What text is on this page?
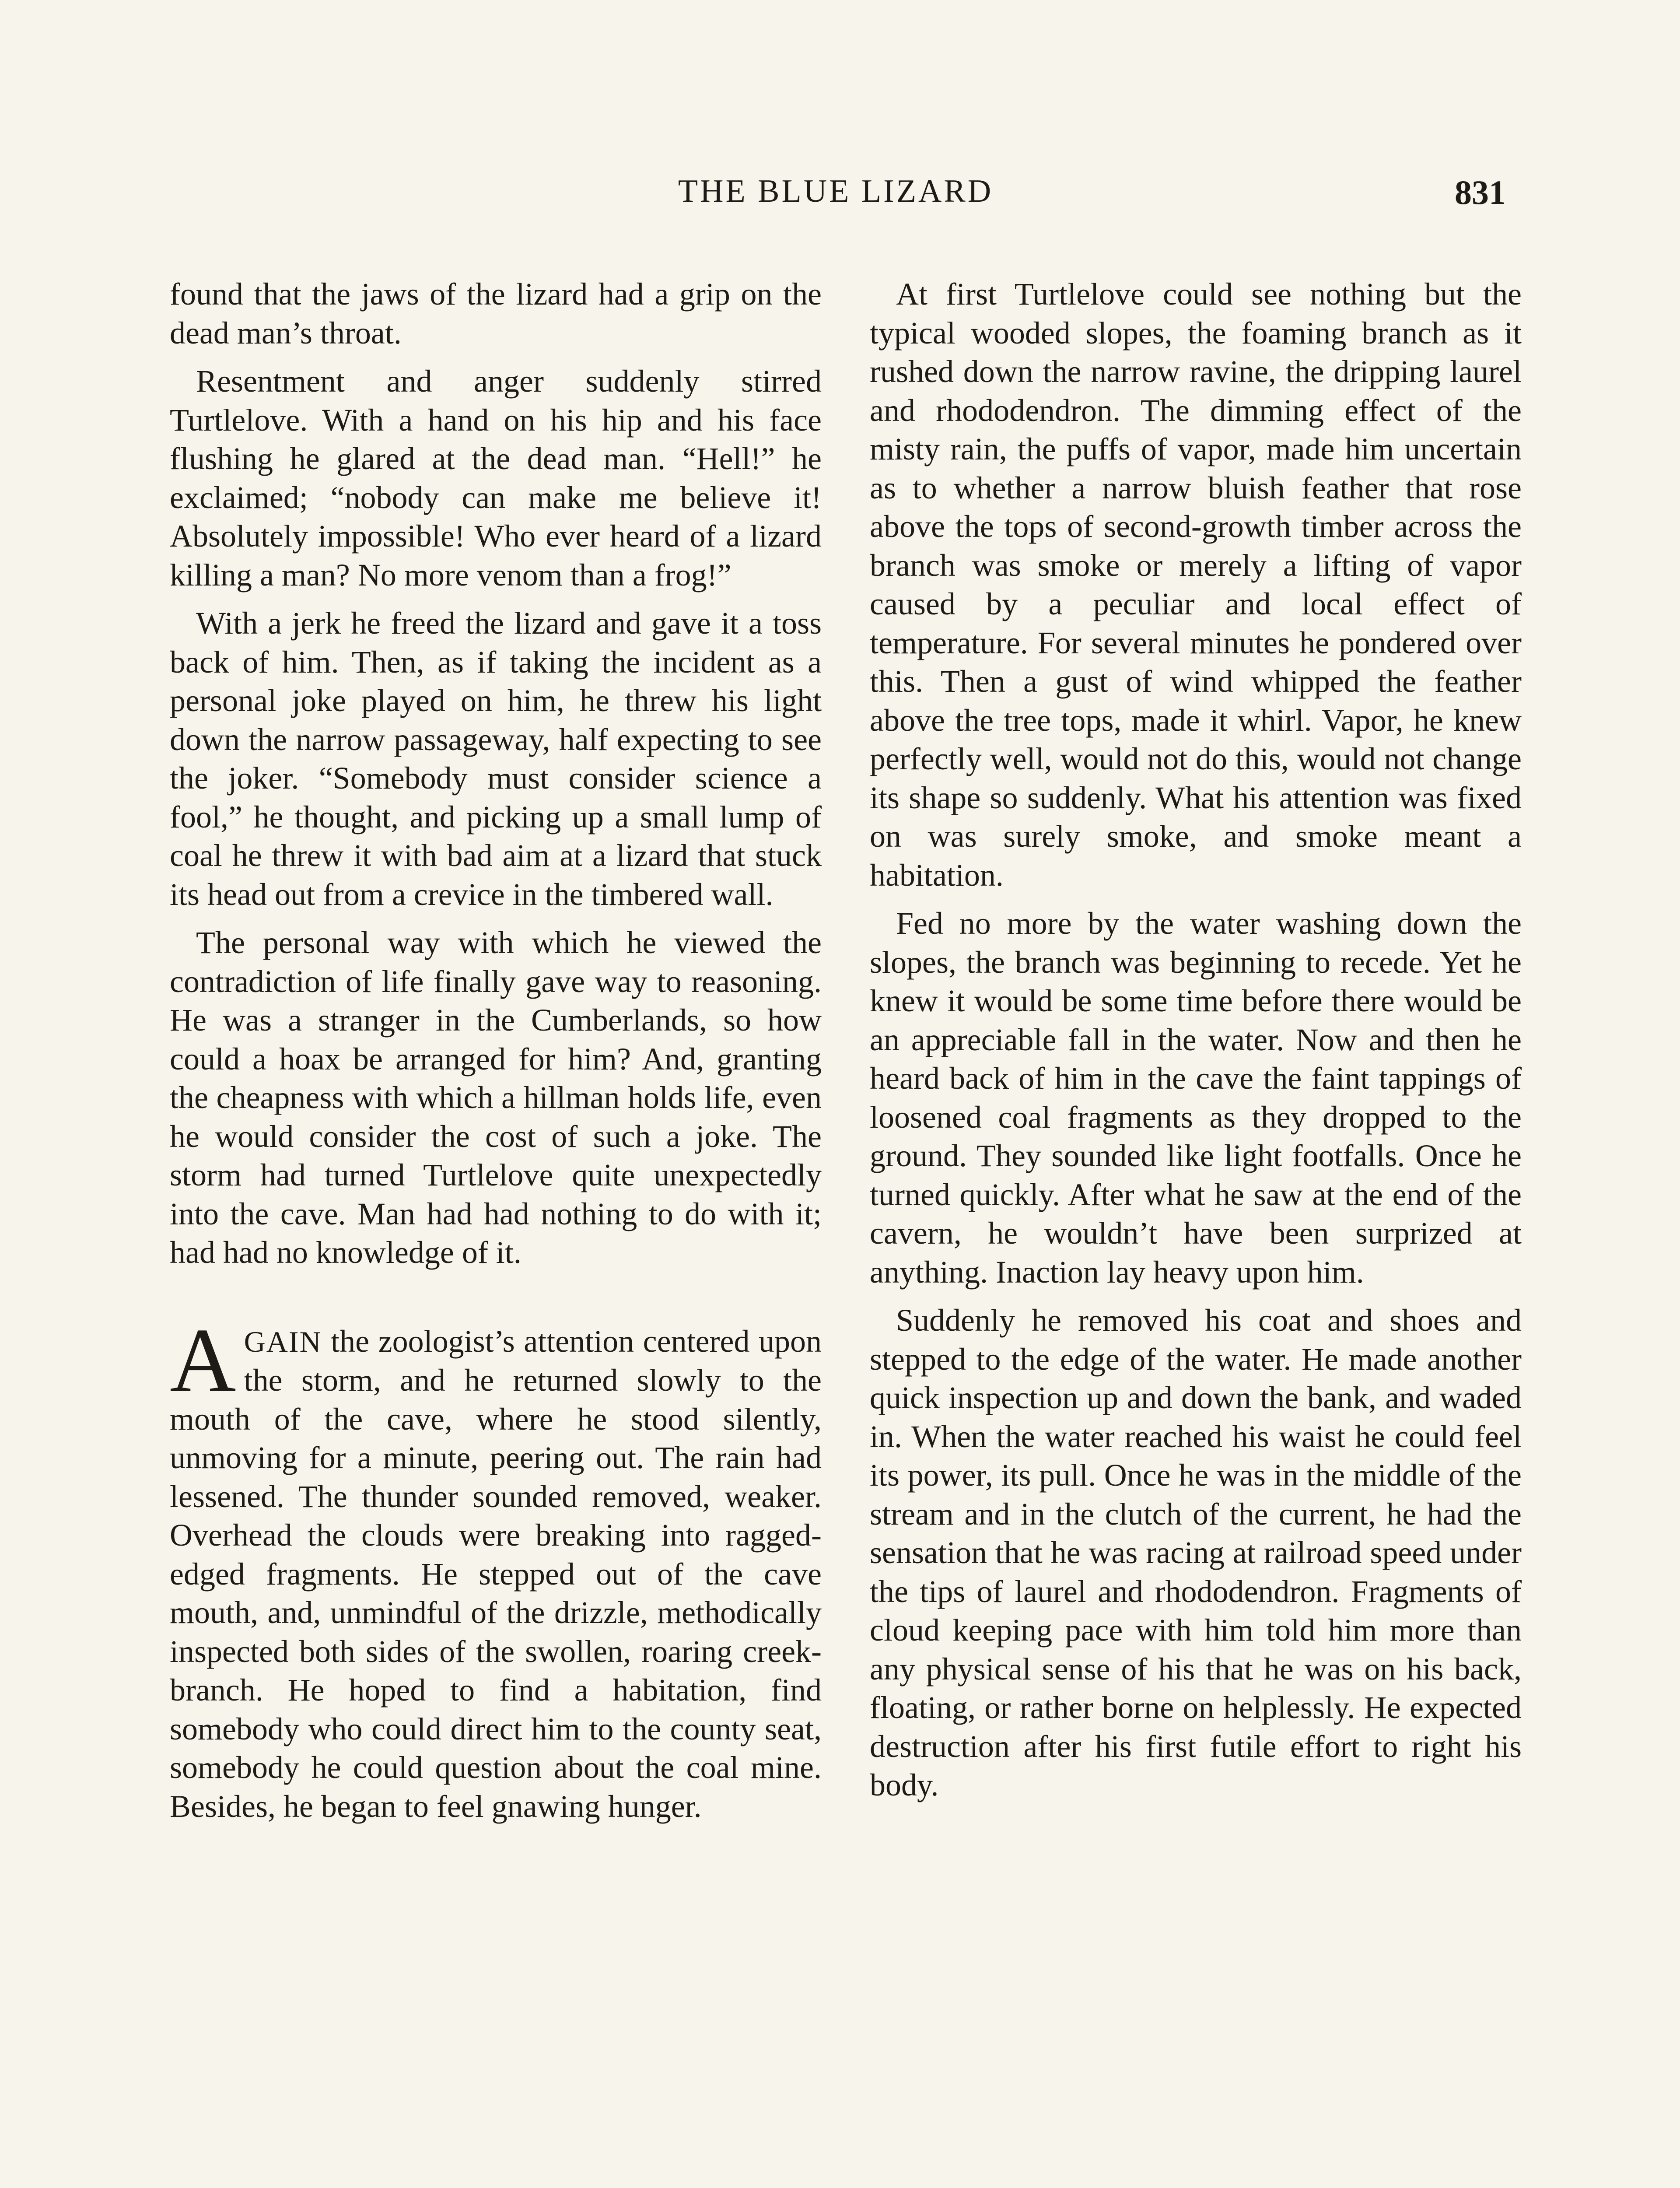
THE BLUE LIZARD	831

found that the jaws of the lizard had a grip on the dead man’s throat.

Resentment and anger suddenly stirred Turtlelove. With a hand on his hip and his face flushing he glared at the dead man. “Hell!” he exclaimed; “nobody can make me believe it! Absolutely impossible! Who ever heard of a lizard killing a man? No more venom than a frog!”

With a jerk he freed the lizard and gave it a toss back of him. Then, as if taking the incident as a personal joke played on him, he threw his light down the narrow passageway, half expecting to see the joker. “Somebody must consider science a fool,” he thought, and picking up a small lump of coal he threw it with bad aim at a lizard that stuck its head out from a crevice in the timbered wall.

The personal way with which he viewed the contradiction of life finally gave way to reasoning. He was a stranger in the Cumberlands, so how could a hoax be arranged for him? And, granting the cheapness with which a hillman holds life, even he would consider the cost of such a joke. The storm had turned Turtlelove quite unexpectedly into the cave. Man had had nothing to do with it; had had no knowledge of it.

AGAIN the zoologist’s attention centered upon the storm, and he returned slowly to the mouth of the cave, where he stood silently, unmoving for a minute, peering out. The rain had lessened. The thunder sounded removed, weaker. Overhead the clouds were breaking into ragged-edged fragments. He stepped out of the cave mouth, and, unmindful of the drizzle, methodically inspected both sides of the swollen, roaring creek-branch. He hoped to find a habitation, find somebody who could direct him to the county seat, somebody he could question about the coal mine. Besides, he began to feel gnawing hunger.

At first Turtlelove could see nothing but the typical wooded slopes, the foaming branch as it rushed down the narrow ravine, the dripping laurel and rhododendron. The dimming effect of the misty rain, the puffs of vapor, made him uncertain as to whether a narrow bluish feather that rose above the tops of second-growth timber across the branch was smoke or merely a lifting of vapor caused by a peculiar and local effect of temperature. For several minutes he pondered over this. Then a gust of wind whipped the feather above the tree tops, made it whirl. Vapor, he knew perfectly well, would not do this, would not change its shape so suddenly. What his attention was fixed on was surely smoke, and smoke meant a habitation.

Fed no more by the water washing down the slopes, the branch was beginning to recede. Yet he knew it would be some time before there would be an appreciable fall in the water. Now and then he heard back of him in the cave the faint tappings of loosened coal fragments as they dropped to the ground. They sounded like light footfalls. Once he turned quickly. After what he saw at the end of the cavern, he wouldn’t have been surprized at anything. Inaction lay heavy upon him.

Suddenly he removed his coat and shoes and stepped to the edge of the water. He made another quick inspection up and down the bank, and waded in. When the water reached his waist he could feel its power, its pull. Once he was in the middle of the stream and in the clutch of the current, he had the sensation that he was racing at railroad speed under the tips of laurel and rhododendron. Fragments of cloud keeping pace with him told him more than any physical sense of his that he was on his back, floating, or rather borne on helplessly. He expected destruction after his first futile effort to right his body.
